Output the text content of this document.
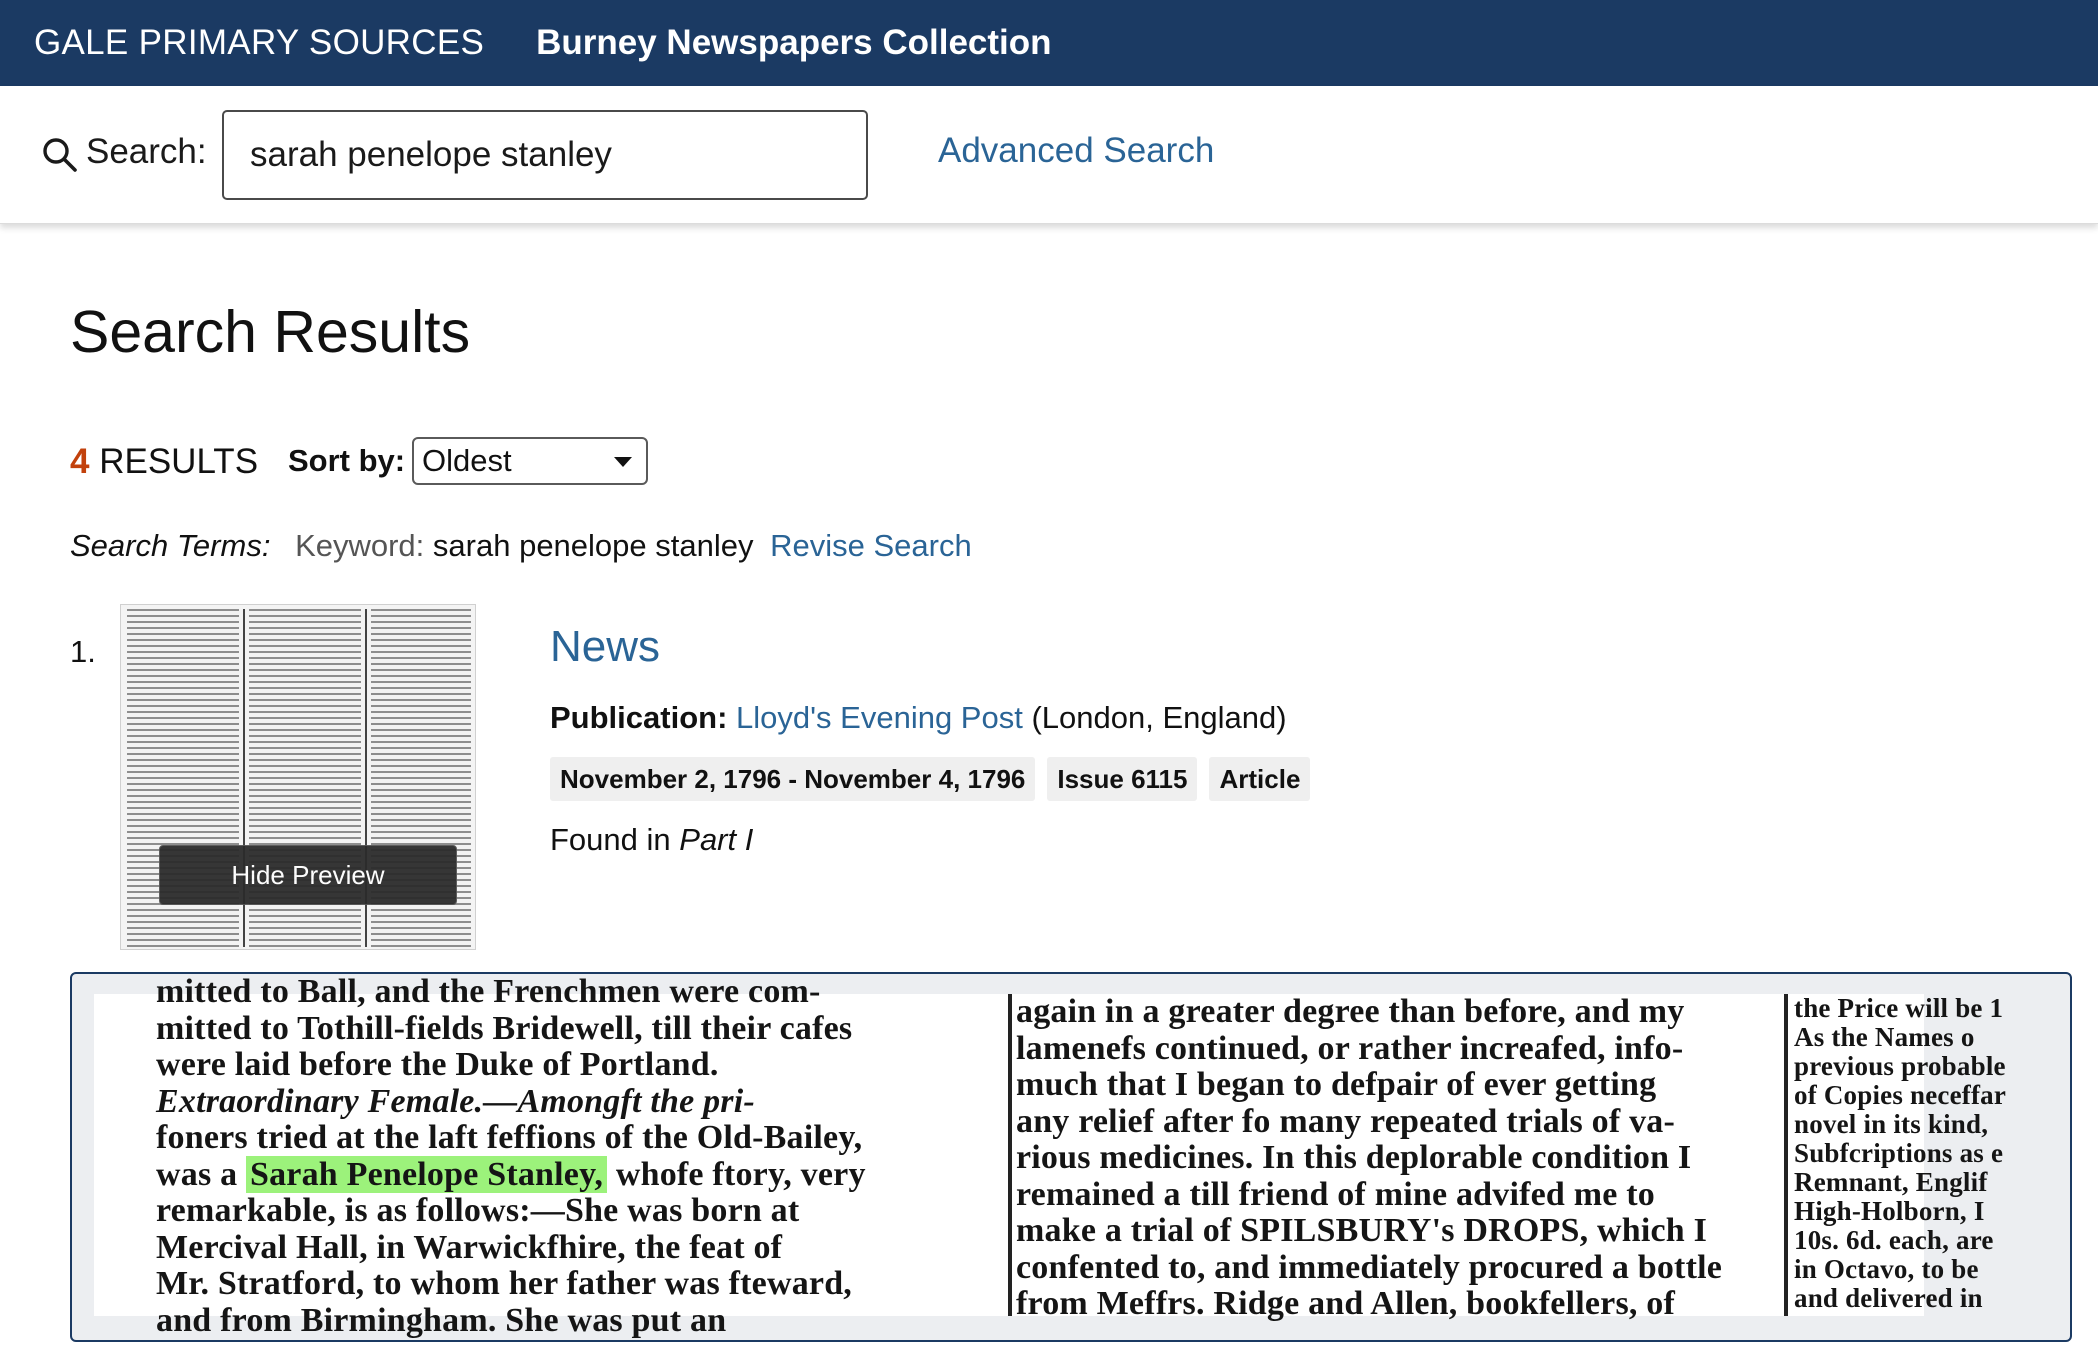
GALE PRIMARY SOURCES Burney Newspapers Collection
Search:
sarah penelope stanley	Advanced Search
Search Results
4 RESULTS Sort by: Oldest
Search Terms: Keyword: sarah penelope stanley Revise Search
1.
Hide Preview
News
Publication: Lloyd's Evening Post (London, England)
November 2, 1796 - November 4, 1796	Issue 6115	Article
Found in Part I
mitted to Ball, and the Frenchmen were com-
mitted to Tothill-fields Bridewell, till their cafes
were laid before the Duke of Portland.
Extraordinary Female.—Amongft the pri-
foners tried at the laft feffions of the Old-Bailey,
was a Sarah Penelope Stanley, whofe ftory, very
remarkable, is as follows:—She was born at
Mercival Hall, in Warwickfhire, the feat of
Mr. Stratford, to whom her father was fteward,
and from Birmingham. She was put an
again in a greater degree than before, and my
lamenefs continued, or rather increafed, info-
much that I began to defpair of ever getting
any relief after fo many repeated trials of va-
rious medicines. In this deplorable condition I
remained a till friend of mine advifed me to
make a trial of SPILSBURY's DROPS, which I
confented to, and immediately procured a bottle
from Meffrs. Ridge and Allen, bookfellers, of
the Price will be 1
As the Names o
previous probable
of Copies neceffar
novel in its kind,
Subfcriptions as e
Remnant, Englif
High-Holborn, I
10s. 6d. each, are
in Octavo, to be
and delivered in
